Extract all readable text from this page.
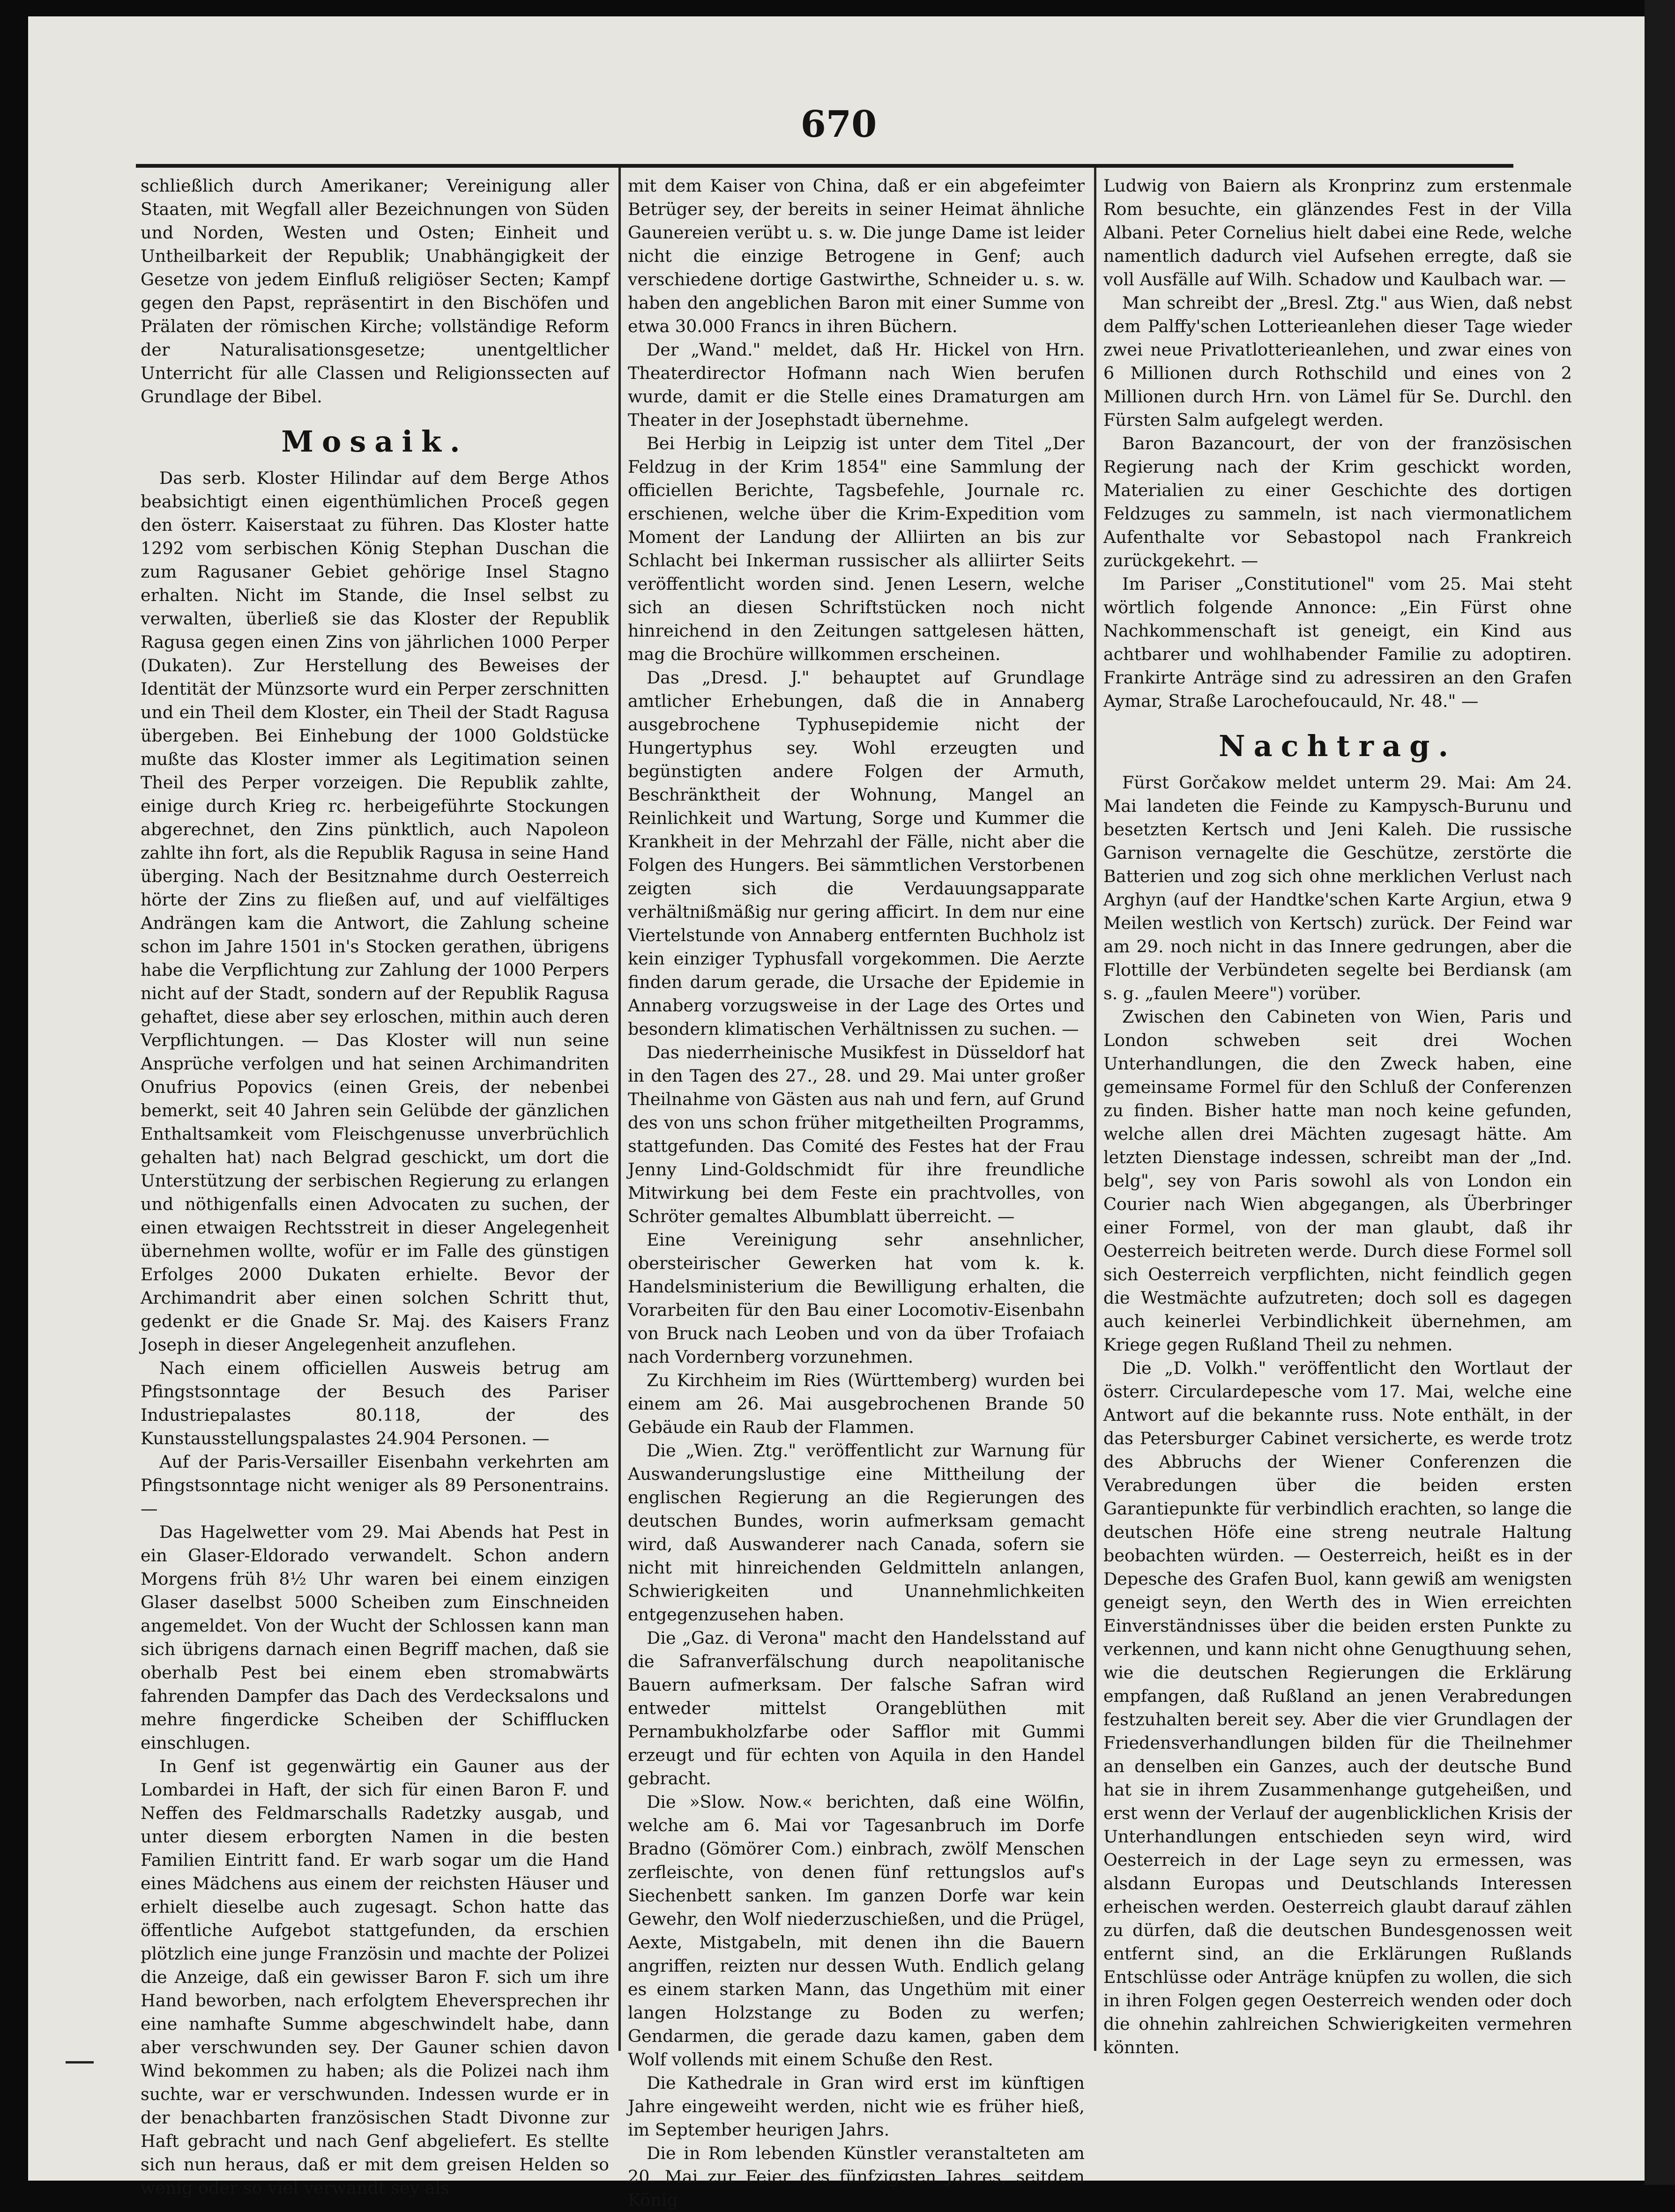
670

schließlich durch Amerikaner; Vereinigung aller Staaten, mit Wegfall aller Bezeichnungen von Süden und Norden, Westen und Osten; Einheit und Untheilbarkeit der Republik; Unabhängigkeit der Gesetze von jedem Einfluß religiöser Secten; Kampf gegen den Papst, repräsentirt in den Bischöfen und Prälaten der römischen Kirche; vollständige Reform der Naturalisationsgesetze; unentgeltlicher Unterricht für alle Classen und Religionssecten auf Grundlage der Bibel.

Mosaik.

Das serb. Kloster Hilindar auf dem Berge Athos beabsichtigt einen eigenthümlichen Proceß gegen den österr. Kaiserstaat zu führen. Das Kloster hatte 1292 vom serbischen König Stephan Duschan die zum Ragusaner Gebiet gehörige Insel Stagno erhalten. Nicht im Stande, die Insel selbst zu verwalten, überließ sie das Kloster der Republik Ragusa gegen einen Zins von jährlichen 1000 Perper (Dukaten). Zur Herstellung des Beweises der Identität der Münzsorte wurd ein Perper zerschnitten und ein Theil dem Kloster, ein Theil der Stadt Ragusa übergeben. Bei Einhebung der 1000 Goldstücke mußte das Kloster immer als Legitimation seinen Theil des Perper vorzeigen. Die Republik zahlte, einige durch Krieg rc. herbeigeführte Stockungen abgerechnet, den Zins pünktlich, auch Napoleon zahlte ihn fort, als die Republik Ragusa in seine Hand überging. Nach der Besitznahme durch Oesterreich hörte der Zins zu fließen auf, und auf vielfältiges Andrängen kam die Antwort, die Zahlung scheine schon im Jahre 1501 in's Stocken gerathen, übrigens habe die Verpflichtung zur Zahlung der 1000 Perpers nicht auf der Stadt, sondern auf der Republik Ragusa gehaftet, diese aber sey erloschen, mithin auch deren Verpflichtungen. — Das Kloster will nun seine Ansprüche verfolgen und hat seinen Archimandriten Onufrius Popovics (einen Greis, der nebenbei bemerkt, seit 40 Jahren sein Gelübde der gänzlichen Enthaltsamkeit vom Fleischgenusse unverbrüchlich gehalten hat) nach Belgrad geschickt, um dort die Unterstützung der serbischen Regierung zu erlangen und nöthigenfalls einen Advocaten zu suchen, der einen etwaigen Rechtsstreit in dieser Angelegenheit übernehmen wollte, wofür er im Falle des günstigen Erfolges 2000 Dukaten erhielte. Bevor der Archimandrit aber einen solchen Schritt thut, gedenkt er die Gnade Sr. Maj. des Kaisers Franz Joseph in dieser Angelegenheit anzuflehen.

Nach einem officiellen Ausweis betrug am Pfingstsonntage der Besuch des Pariser Industriepalastes 80.118, der des Kunstausstellungspalastes 24.904 Personen. —

Auf der Paris-Versailler Eisenbahn verkehrten am Pfingstsonntage nicht weniger als 89 Personentrains. —

Das Hagelwetter vom 29. Mai Abends hat Pest in ein Glaser-Eldorado verwandelt. Schon andern Morgens früh 8½ Uhr waren bei einem einzigen Glaser daselbst 5000 Scheiben zum Einschneiden angemeldet. Von der Wucht der Schlossen kann man sich übrigens darnach einen Begriff machen, daß sie oberhalb Pest bei einem eben stromabwärts fahrenden Dampfer das Dach des Verdecksalons und mehre fingerdicke Scheiben der Schifflucken einschlugen.

In Genf ist gegenwärtig ein Gauner aus der Lombardei in Haft, der sich für einen Baron F. und Neffen des Feldmarschalls Radetzky ausgab, und unter diesem erborgten Namen in die besten Familien Eintritt fand. Er warb sogar um die Hand eines Mädchens aus einem der reichsten Häuser und erhielt dieselbe auch zugesagt. Schon hatte das öffentliche Aufgebot stattgefunden, da erschien plötzlich eine junge Französin und machte der Polizei die Anzeige, daß ein gewisser Baron F. sich um ihre Hand beworben, nach erfolgtem Eheversprechen ihr eine namhafte Summe abgeschwindelt habe, dann aber verschwunden sey. Der Gauner schien davon Wind bekommen zu haben; als die Polizei nach ihm suchte, war er verschwunden. Indessen wurde er in der benachbarten französischen Stadt Divonne zur Haft gebracht und nach Genf abgeliefert. Es stellte sich nun heraus, daß er mit dem greisen Helden so wenig oder so viel verwandt sey als

mit dem Kaiser von China, daß er ein abgefeimter Betrüger sey, der bereits in seiner Heimat ähnliche Gaunereien verübt u. s. w. Die junge Dame ist leider nicht die einzige Betrogene in Genf; auch verschiedene dortige Gastwirthe, Schneider u. s. w. haben den angeblichen Baron mit einer Summe von etwa 30.000 Francs in ihren Büchern.

Der „Wand." meldet, daß Hr. Hickel von Hrn. Theaterdirector Hofmann nach Wien berufen wurde, damit er die Stelle eines Dramaturgen am Theater in der Josephstadt übernehme.

Bei Herbig in Leipzig ist unter dem Titel „Der Feldzug in der Krim 1854" eine Sammlung der officiellen Berichte, Tagsbefehle, Journale rc. erschienen, welche über die Krim-Expedition vom Moment der Landung der Alliirten an bis zur Schlacht bei Inkerman russischer als alliirter Seits veröffentlicht worden sind. Jenen Lesern, welche sich an diesen Schriftstücken noch nicht hinreichend in den Zeitungen sattgelesen hätten, mag die Brochüre willkommen erscheinen.

Das „Dresd. J." behauptet auf Grundlage amtlicher Erhebungen, daß die in Annaberg ausgebrochene Typhusepidemie nicht der Hungertyphus sey. Wohl erzeugten und begünstigten andere Folgen der Armuth, Beschränktheit der Wohnung, Mangel an Reinlichkeit und Wartung, Sorge und Kummer die Krankheit in der Mehrzahl der Fälle, nicht aber die Folgen des Hungers. Bei sämmtlichen Verstorbenen zeigten sich die Verdauungsapparate verhältnißmäßig nur gering afficirt. In dem nur eine Viertelstunde von Annaberg entfernten Buchholz ist kein einziger Typhusfall vorgekommen. Die Aerzte finden darum gerade, die Ursache der Epidemie in Annaberg vorzugsweise in der Lage des Ortes und besondern klimatischen Verhältnissen zu suchen. —

Das niederrheinische Musikfest in Düsseldorf hat in den Tagen des 27., 28. und 29. Mai unter großer Theilnahme von Gästen aus nah und fern, auf Grund des von uns schon früher mitgetheilten Programms, stattgefunden. Das Comité des Festes hat der Frau Jenny Lind-Goldschmidt für ihre freundliche Mitwirkung bei dem Feste ein prachtvolles, von Schröter gemaltes Albumblatt überreicht. —

Eine Vereinigung sehr ansehnlicher, obersteirischer Gewerken hat vom k. k. Handelsministerium die Bewilligung erhalten, die Vorarbeiten für den Bau einer Locomotiv-Eisenbahn von Bruck nach Leoben und von da über Trofaiach nach Vordernberg vorzunehmen.

Zu Kirchheim im Ries (Württemberg) wurden bei einem am 26. Mai ausgebrochenen Brande 50 Gebäude ein Raub der Flammen.

Die „Wien. Ztg." veröffentlicht zur Warnung für Auswanderungslustige eine Mittheilung der englischen Regierung an die Regierungen des deutschen Bundes, worin aufmerksam gemacht wird, daß Auswanderer nach Canada, sofern sie nicht mit hinreichenden Geldmitteln anlangen, Schwierigkeiten und Unannehmlichkeiten entgegenzusehen haben.

Die „Gaz. di Verona" macht den Handelsstand auf die Safranverfälschung durch neapolitanische Bauern aufmerksam. Der falsche Safran wird entweder mittelst Orangeblüthen mit Pernambukholzfarbe oder Safflor mit Gummi erzeugt und für echten von Aquila in den Handel gebracht.

Die »Slow. Now.« berichten, daß eine Wölfin, welche am 6. Mai vor Tagesanbruch im Dorfe Bradno (Gömörer Com.) einbrach, zwölf Menschen zerfleischte, von denen fünf rettungslos auf's Siechenbett sanken. Im ganzen Dorfe war kein Gewehr, den Wolf niederzuschießen, und die Prügel, Aexte, Mistgabeln, mit denen ihn die Bauern angriffen, reizten nur dessen Wuth. Endlich gelang es einem starken Mann, das Ungethüm mit einer langen Holzstange zu Boden zu werfen; Gendarmen, die gerade dazu kamen, gaben dem Wolf vollends mit einem Schuße den Rest.

Die Kathedrale in Gran wird erst im künftigen Jahre eingeweiht werden, nicht wie es früher hieß, im September heurigen Jahrs.

Die in Rom lebenden Künstler veranstalteten am 20. Mai zur Feier des fünfzigsten Jahres, seitdem König

Ludwig von Baiern als Kronprinz zum erstenmale Rom besuchte, ein glänzendes Fest in der Villa Albani. Peter Cornelius hielt dabei eine Rede, welche namentlich dadurch viel Aufsehen erregte, daß sie voll Ausfälle auf Wilh. Schadow und Kaulbach war. —

Man schreibt der „Bresl. Ztg." aus Wien, daß nebst dem Palffy'schen Lotterieanlehen dieser Tage wieder zwei neue Privatlotterieanlehen, und zwar eines von 6 Millionen durch Rothschild und eines von 2 Millionen durch Hrn. von Lämel für Se. Durchl. den Fürsten Salm aufgelegt werden.

Baron Bazancourt, der von der französischen Regierung nach der Krim geschickt worden, Materialien zu einer Geschichte des dortigen Feldzuges zu sammeln, ist nach viermonatlichem Aufenthalte vor Sebastopol nach Frankreich zurückgekehrt. —

Im Pariser „Constitutionel" vom 25. Mai steht wörtlich folgende Annonce: „Ein Fürst ohne Nachkommenschaft ist geneigt, ein Kind aus achtbarer und wohlhabender Familie zu adoptiren. Frankirte Anträge sind zu adressiren an den Grafen Aymar, Straße Larochefoucauld, Nr. 48." —

Nachtrag.

Fürst Gorčakow meldet unterm 29. Mai: Am 24. Mai landeten die Feinde zu Kampysch-Burunu und besetzten Kertsch und Jeni Kaleh. Die russische Garnison vernagelte die Geschütze, zerstörte die Batterien und zog sich ohne merklichen Verlust nach Arghyn (auf der Handtke'schen Karte Argiun, etwa 9 Meilen westlich von Kertsch) zurück. Der Feind war am 29. noch nicht in das Innere gedrungen, aber die Flottille der Verbündeten segelte bei Berdiansk (am s. g. „faulen Meere") vorüber.

Zwischen den Cabineten von Wien, Paris und London schweben seit drei Wochen Unterhandlungen, die den Zweck haben, eine gemeinsame Formel für den Schluß der Conferenzen zu finden. Bisher hatte man noch keine gefunden, welche allen drei Mächten zugesagt hätte. Am letzten Dienstage indessen, schreibt man der „Ind. belg", sey von Paris sowohl als von London ein Courier nach Wien abgegangen, als Überbringer einer Formel, von der man glaubt, daß ihr Oesterreich beitreten werde. Durch diese Formel soll sich Oesterreich verpflichten, nicht feindlich gegen die Westmächte aufzutreten; doch soll es dagegen auch keinerlei Verbindlichkeit übernehmen, am Kriege gegen Rußland Theil zu nehmen.

Die „D. Volkh." veröffentlicht den Wortlaut der österr. Circulardepesche vom 17. Mai, welche eine Antwort auf die bekannte russ. Note enthält, in der das Petersburger Cabinet versicherte, es werde trotz des Abbruchs der Wiener Conferenzen die Verabredungen über die beiden ersten Garantiepunkte für verbindlich erachten, so lange die deutschen Höfe eine streng neutrale Haltung beobachten würden. — Oesterreich, heißt es in der Depesche des Grafen Buol, kann gewiß am wenigsten geneigt seyn, den Werth des in Wien erreichten Einverständnisses über die beiden ersten Punkte zu verkennen, und kann nicht ohne Genugthuung sehen, wie die deutschen Regierungen die Erklärung empfangen, daß Rußland an jenen Verabredungen festzuhalten bereit sey. Aber die vier Grundlagen der Friedensverhandlungen bilden für die Theilnehmer an denselben ein Ganzes, auch der deutsche Bund hat sie in ihrem Zusammenhange gutgeheißen, und erst wenn der Verlauf der augenblicklichen Krisis der Unterhandlungen entschieden seyn wird, wird Oesterreich in der Lage seyn zu ermessen, was alsdann Europas und Deutschlands Interessen erheischen werden. Oesterreich glaubt darauf zählen zu dürfen, daß die deutschen Bundesgenossen weit entfernt sind, an die Erklärungen Rußlands Entschlüsse oder Anträge knüpfen zu wollen, die sich in ihren Folgen gegen Oesterreich wenden oder doch die ohnehin zahlreichen Schwierigkeiten vermehren könnten.
